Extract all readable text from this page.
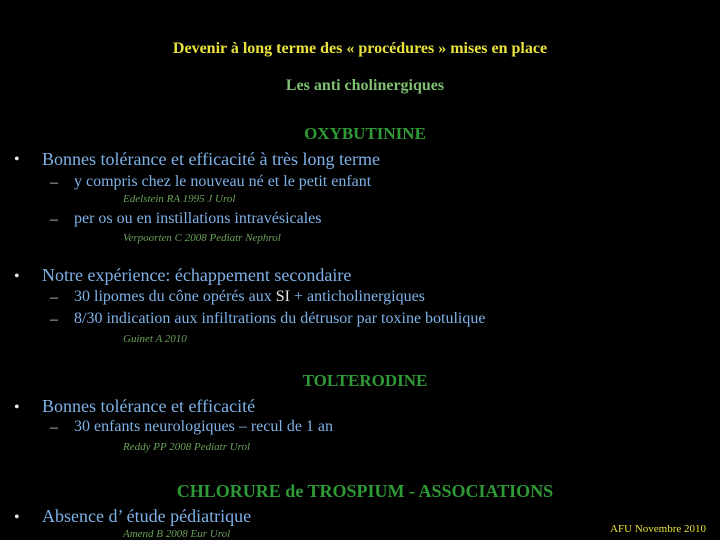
Devenir à long terme des « procédures » mises en place
Les anti cholinergiques
OXYBUTININE
• Bonnes tolérance et efficacité à très long terme
– y compris chez le nouveau né et le petit enfant
Edelstein RA 1995 J Urol
– per os ou en instillations intravésicales
Verpoorten C 2008 Pediatr Nephrol
• Notre expérience: échappement secondaire
– 30 lipomes du cône opérés aux SI + anticholinergiques
– 8/30 indication aux infiltrations du détrusor par toxine botulique
Guinet A 2010
TOLTERODINE
• Bonnes tolérance et efficacité
– 30 enfants neurologiques – recul de 1 an
Reddy PP 2008 Pediatr Urol
CHLORURE de TROSPIUM - ASSOCIATIONS
• Absence d’ étude pédiatrique
Amend B 2008 Eur Urol	AFU Novembre 2010
